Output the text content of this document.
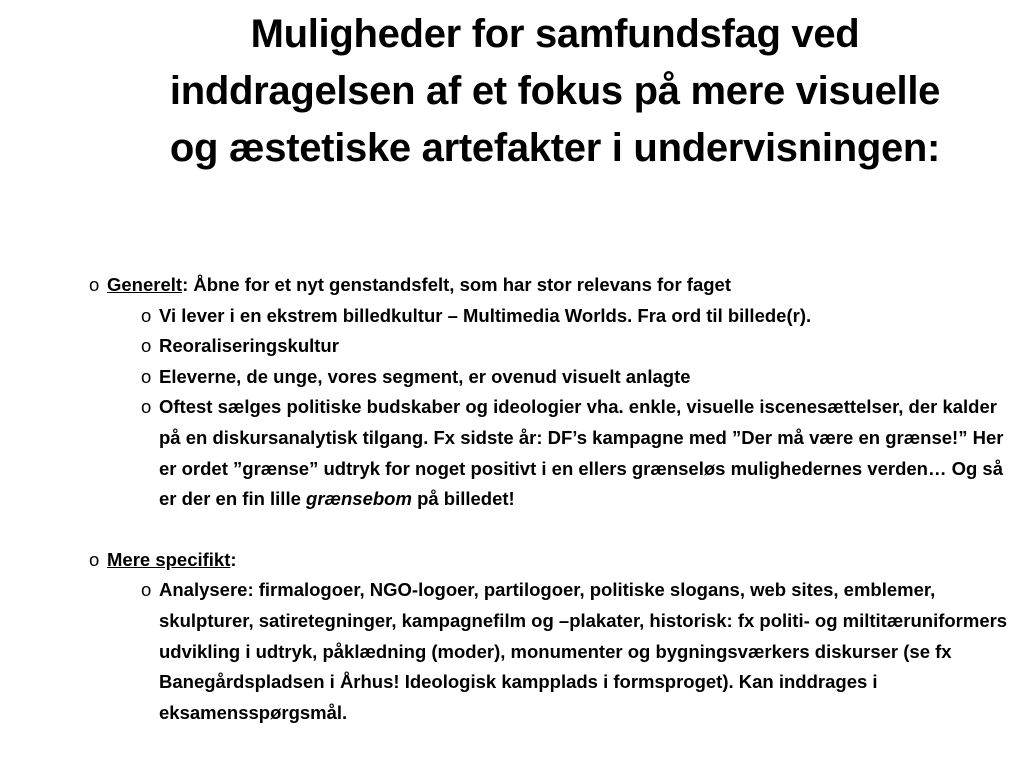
Muligheder for samfundsfag ved inddragelsen af et fokus på mere visuelle og æstetiske artefakter i undervisningen:
o Generelt: Åbne for et nyt genstandsfelt, som har stor relevans for faget
o Vi lever i en ekstrem billedkultur – Multimedia Worlds. Fra ord til billede(r).
o Reoraliseringskultur
o Eleverne, de unge, vores segment, er ovenud visuelt anlagte
o Oftest sælges politiske budskaber og ideologier vha. enkle, visuelle iscenesættelser, der kalder på en diskursanalytisk tilgang. Fx sidste år: DF’s kampagne med ”Der må være en grænse!” Her er ordet ”grænse” udtryk for noget positivt i en ellers grænseløs mulighedernes verden… Og så er der en fin lille grænsebom på billedet!
o Mere specifikt:
o Analysere: firmalogoer, NGO-logoer, partilogoer, politiske slogans, web sites, emblemer, skulpturer, satiretegninger, kampagnefilm og –plakater, historisk: fx politi- og miltitæruniformers udvikling i udtryk, påklædning (moder), monumenter og bygningsværkers diskurser (se fx Banegårdspladsen i Århus! Ideologisk kampplads i formsproget). Kan inddrages i eksamensspørgsmål.
